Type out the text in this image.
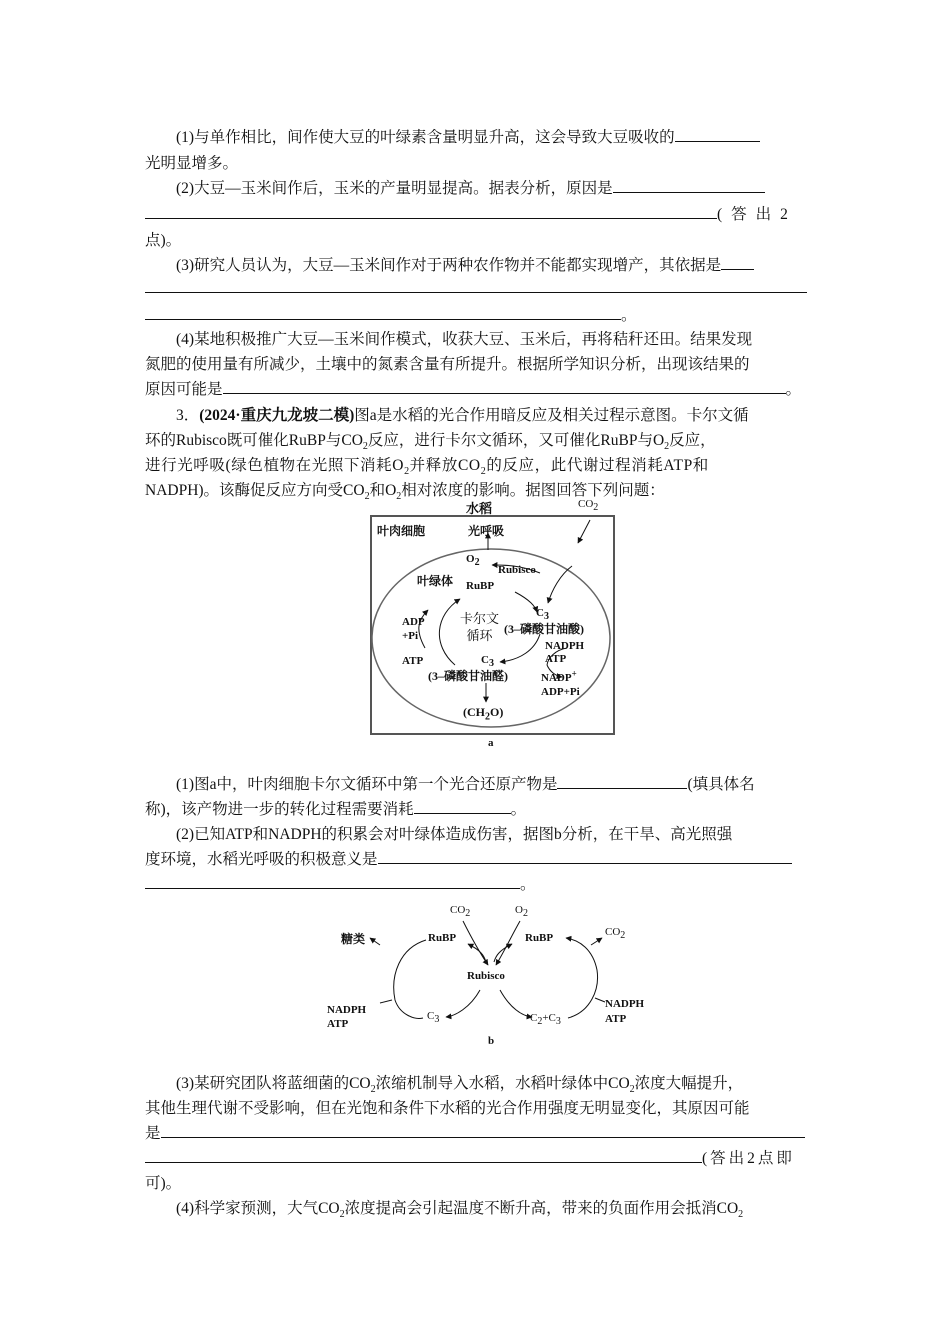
(1)与单作相比，间作使大豆的叶绿素含量明显升高，这会导致大豆吸收的
光明显增多。
(2)大豆—玉米间作后，玉米的产量明显提高。据表分析，原因是
(答出2
点)。
(3)研究人员认为，大豆—玉米间作对于两种农作物并不能都实现增产，其依据是
。
(4)某地积极推广大豆—玉米间作模式，收获大豆、玉米后，再将秸秆还田。结果发现
氮肥的使用量有所减少，土壤中的氮素含量有所提升。根据所学知识分析，出现该结果的
原因可能是	。
3．(2024·重庆九龙坡二模)图a是水稻的光合作用暗反应及相关过程示意图。卡尔文循
环的Rubisco既可催化RuBP与$CO_2$反应，进行卡尔文循环，又可催化RuBP与$O_2$反应，
进行光呼吸(绿色植物在光照下消耗$O_2$并释放$CO_2$的反应，此代谢过程消耗ATP和
NADPH)。该酶促反应方向受$CO_2$和$O_2$相对浓度的影响。据图回答下列问题：
水稻	$CO_2$
叶肉细胞	光呼吸
$O_2$
Rubisco
叶绿体 RuBP
$C_3$
卡尔文
循环 (3–磷酸甘油酸)
ADP
+Pi
NADPH
ATP
ATP	$C_3$
(3–磷酸甘油醛)	NADP+
ADP+Pi
$(CH_2O)$
a
(1)图a中，叶肉细胞卡尔文循环中第一个光合还原产物是	(填具体名
称)，该产物进一步的转化过程需要消耗	。
(2)已知ATP和NADPH的积累会对叶绿体造成伤害，据图b分析，在干旱、高光照强
度环境，水稻光呼吸的积极意义是
。
$CO_2$	$O_2$
糖类	RuBP	RuBP	$CO_2$
Rubisco
NADPH
ATP
$C_3$	$C_2+C_3$
NADPH
ATP
b
(3)某研究团队将蓝细菌的$CO_2$浓缩机制导入水稻，水稻叶绿体中$CO_2$浓度大幅提升，
其他生理代谢不受影响，但在光饱和条件下水稻的光合作用强度无明显变化，其原因可能
是
(答出2点即
可)。
(4)科学家预测，大气$CO_2$浓度提高会引起温度不断升高，带来的负面作用会抵消$CO_2$
